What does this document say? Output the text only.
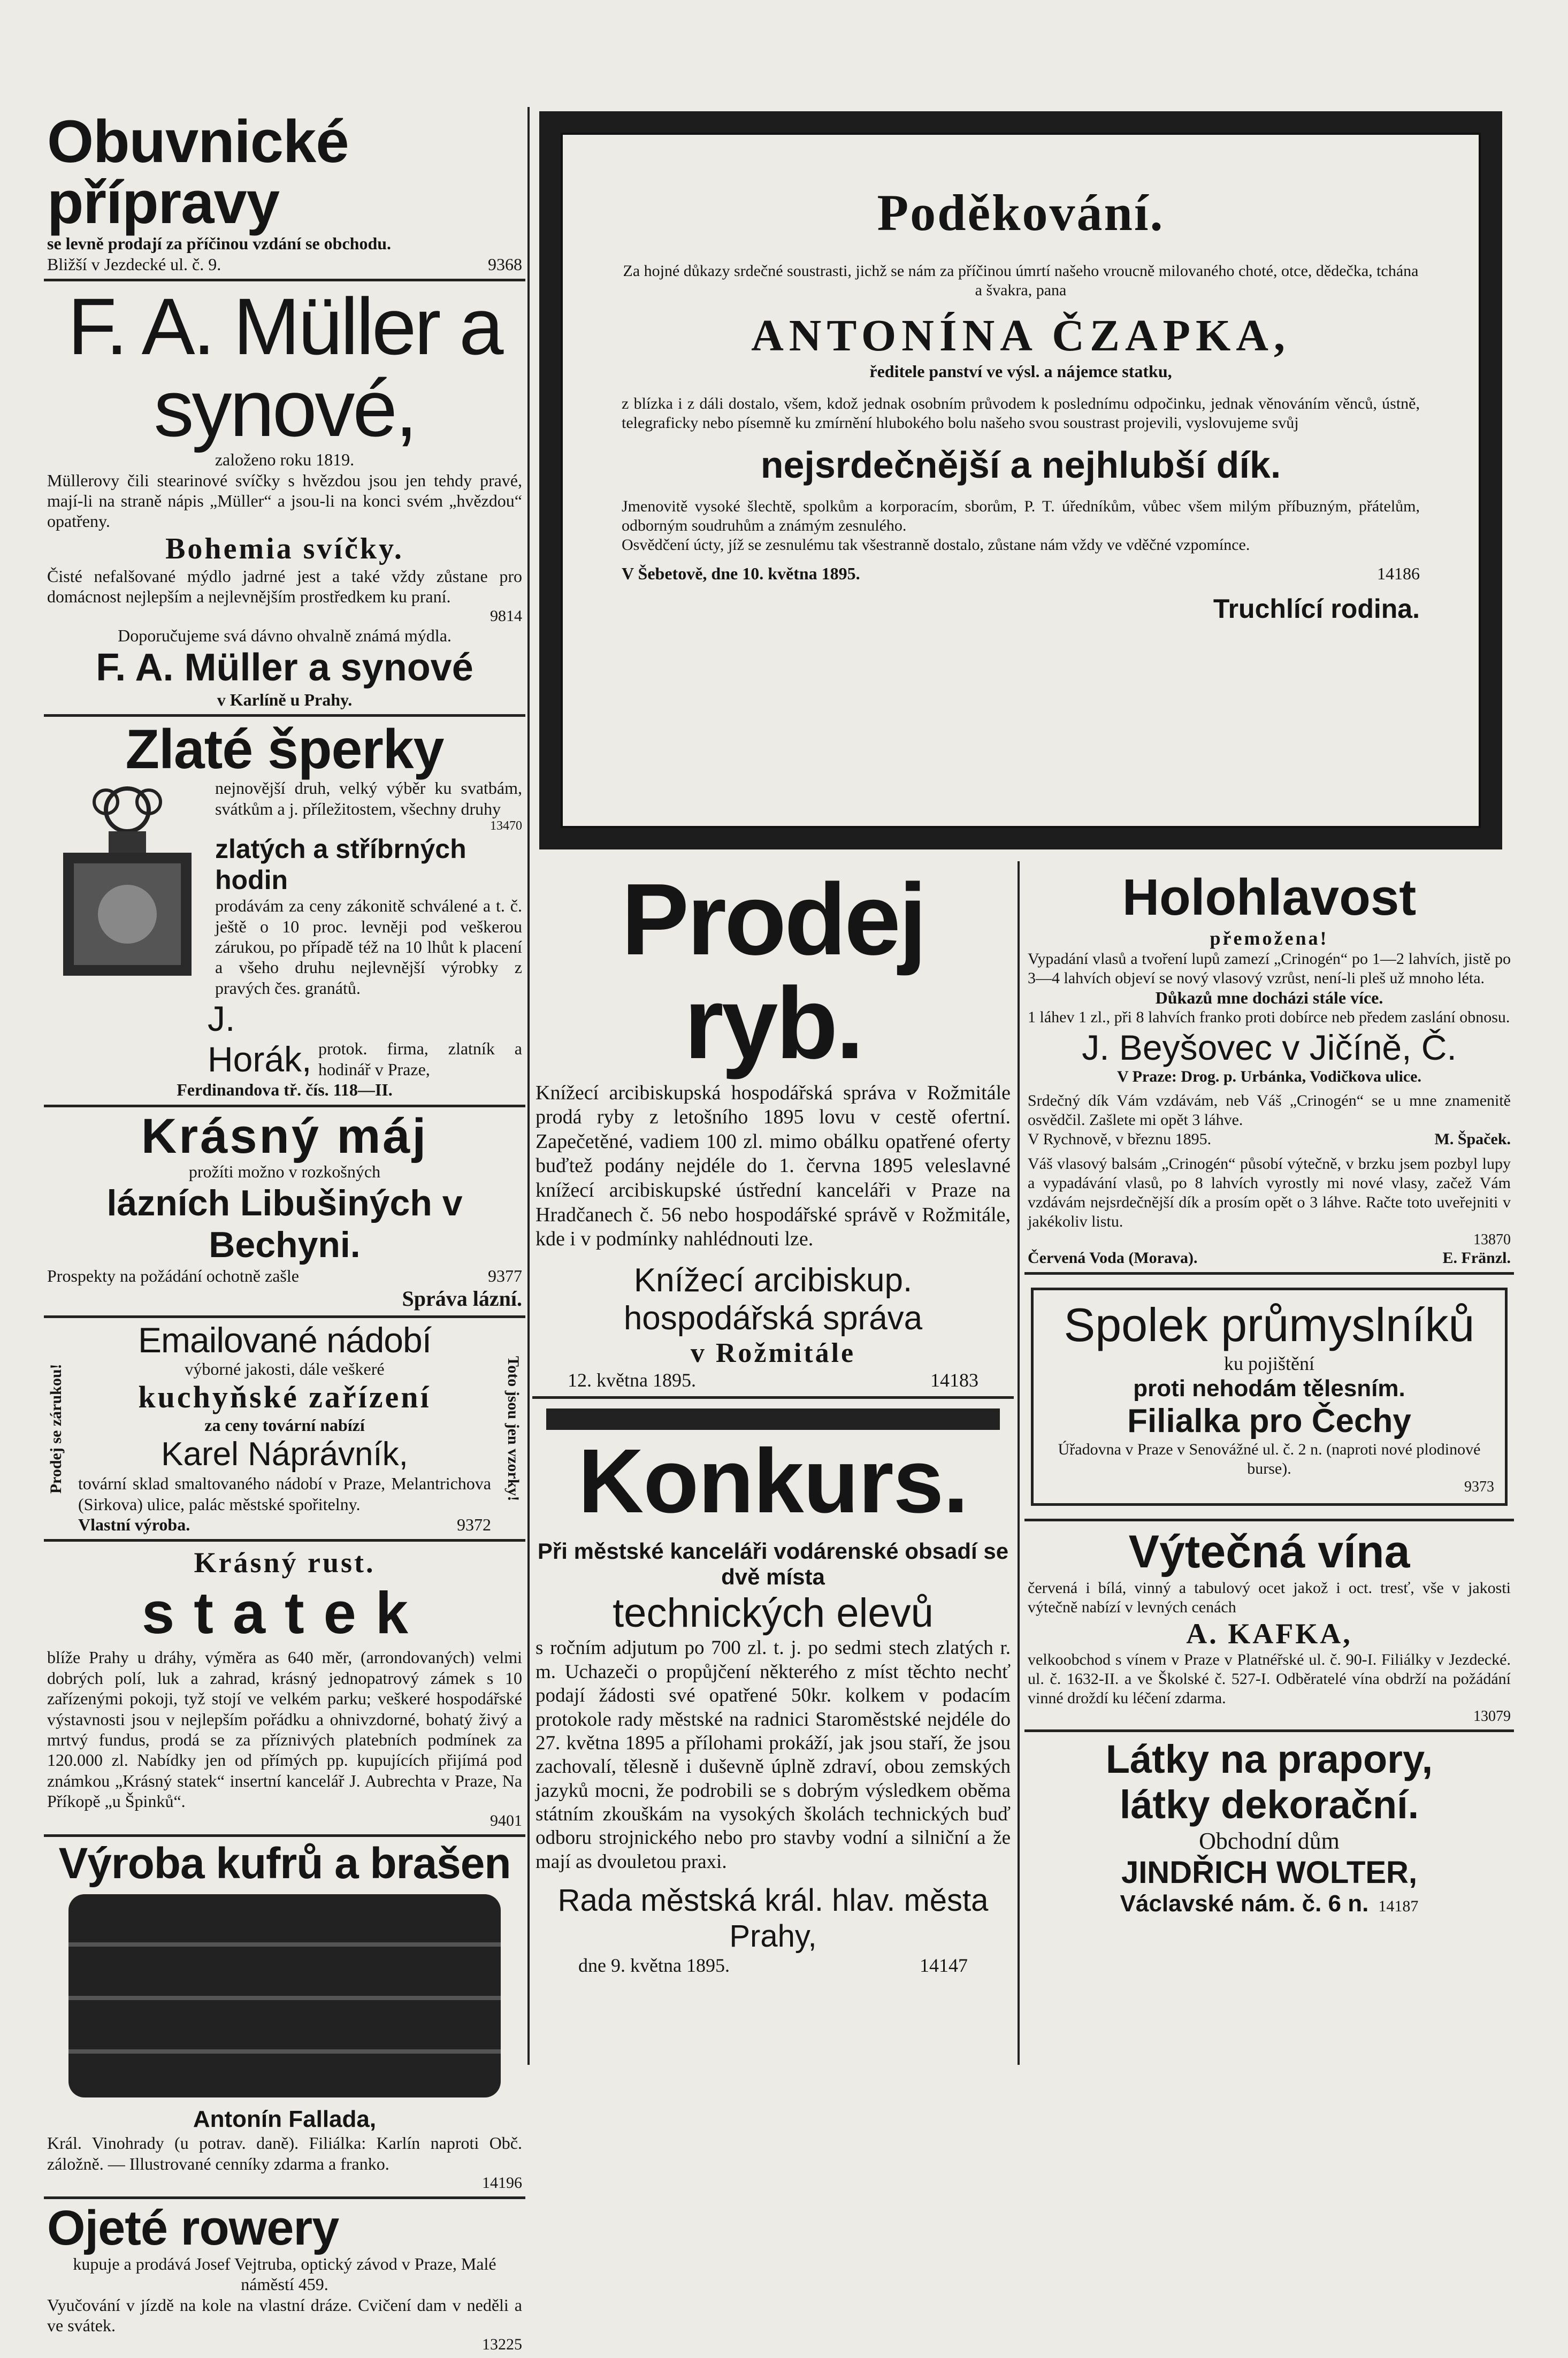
Obuvnické přípravy
se levně prodají za příčinou vzdání se obchodu.
Bližší v Jezdecké ul. č. 9.	9368
F. A. Müller a synové,
založeno roku 1819.
Müllerovy čili stearinové svíčky s hvězdou jsou jen tehdy pravé, mají-li na straně nápis „Müller“ a jsou-li na konci svém „hvězdou“ opatřeny.
Bohemia svíčky.
Čisté nefalšované mýdlo jadrné jest a také vždy zůstane pro domácnost nejlepším a nejlevnějším prostředkem ku praní.
9814
Doporučujeme svá dávno ohvalně známá mýdla.
F. A. Müller a synové
v Karlíně u Prahy.
Zlaté šperky
nejnovější druh, velký výběr ku svatbám, svátkům a j. příležitostem, všechny druhy
13470
zlatých a stříbrných hodin
prodávám za ceny zákonitě schválené a t. č. ještě o 10 proc. levněji pod veškerou zárukou, po případě též na 10 lhůt k placení a všeho druhu nejlevnější výrobky z pravých čes. granátů.
J. Horák, protok. firma, zlatník a hodinář v Praze,
Ferdinandova tř. čís. 118—II.
Krásný máj
prožíti možno v rozkošných
lázních Libušiných v Bechyni.
Prospekty na požádání ochotně zašle	9377
Správa lázní.
Prodej se zárukou!	Toto jsou jen vzorky!
Emailované nádobí
výborné jakosti, dále veškeré
kuchyňské zařízení
za ceny tovární nabízí
Karel Náprávník,
tovární sklad smaltovaného nádobí v Praze, Melantrichova (Sirkova) ulice, palác městské spořitelny.
Vlastní výroba.	9372
Krásný rust.
statek
blíže Prahy u dráhy, výměra as 640 měr, (arrondovaných) velmi dobrých polí, luk a zahrad, krásný jednopatrový zámek s 10 zařízenými pokoji, tyž stojí ve velkém parku; veškeré hospodářské výstavnosti jsou v nejlepším pořádku a ohnivzdorné, bohatý živý a mrtvý fundus, prodá se za příznivých platebních podmínek za 120.000 zl. Nabídky jen od přímých pp. kupujících přijímá pod známkou „Krásný statek“ insertní kancelář J. Aubrechta v Praze, Na Příkopě „u Špinků“.
9401
Výroba kufrů a brašen
Antonín Fallada,
Král. Vinohrady (u potrav. daně). Filiálka: Karlín naproti Obč. záložně. — Illustrované cenníky zdarma a franko.
14196
Ojeté rowery
kupuje a prodává Josef Vejtruba, optický závod v Praze, Malé náměstí 459.
Vyučování v jízdě na kole na vlastní dráze. Cvičení dam v neděli a ve svátek.
13225
Poděkování.
Za hojné důkazy srdečné soustrasti, jichž se nám za příčinou úmrtí našeho vroucně milovaného choté, otce, dědečka, tchána a švakra, pana
ANTONÍNA ČZAPKA,
ředitele panství ve výsl. a nájemce statku,
z blízka i z dáli dostalo, všem, kdož jednak osobním průvodem k poslednímu odpočinku, jednak věnováním věnců, ústně, telegraficky nebo písemně ku zmírnění hlubokého bolu našeho svou soustrast projevili, vyslovujeme svůj
nejsrdečnější a nejhlubší dík.
Jmenovitě vysoké šlechtě, spolkům a korporacím, sborům, P. T. úředníkům, vůbec všem milým příbuzným, přátelům, odborným soudruhům a známým zesnulého.
Osvědčení úcty, jíž se zesnulému tak všestranně dostalo, zůstane nám vždy ve vděčné vzpomínce.
V Šebetově, dne 10. května 1895.	14186
Truchlící rodina.
Prodej ryb.
Knížecí arcibiskupská hospodářská správa v Rožmitále prodá ryby z letošního 1895 lovu v cestě ofertní. Zapečetěné, vadiem 100 zl. mimo obálku opatřené oferty buďtež podány nejdéle do 1. června 1895 veleslavné knížecí arcibiskupské ústřední kanceláři v Praze na Hradčanech č. 56 nebo hospodářské správě v Rožmitále, kde i v podmínky nahlédnouti lze.
Knížecí arcibiskup. hospodářská správa
v Rožmitále
12. května 1895.	14183
Konkurs.
Při městské kanceláři vodárenské obsadí se dvě místa
technických elevů
s ročním adjutum po 700 zl. t. j. po sedmi stech zlatých r. m. Uchazeči o propůjčení některého z míst těchto nechť podají žádosti své opatřené 50kr. kolkem v podacím protokole rady městské na radnici Staroměstské nejdéle do 27. května 1895 a přílohami prokáží, jak jsou staří, že jsou zachovalí, tělesně i duševně úplně zdraví, obou zemských jazyků mocni, že podrobili se s dobrým výsledkem oběma státním zkouškám na vysokých školách technických buď odboru strojnického nebo pro stavby vodní a silniční a že mají as dvouletou praxi.
Rada městská král. hlav. města Prahy,
dne 9. května 1895.	14147
Holohlavost
přemožena!
Vypadání vlasů a tvoření lupů zamezí „Crinogén“ po 1—2 lahvích, jistě po 3—4 lahvích objeví se nový vlasový vzrůst, není-li pleš už mnoho léta.
Důkazů mne docházi stále více.
1 láhev 1 zl., při 8 lahvích franko proti dobírce neb předem zaslání obnosu.
J. Beyšovec v Jičíně, Č.
V Praze: Drog. p. Urbánka, Vodičkova ulice.
Srdečný dík Vám vzdávám, neb Váš „Crinogén“ se u mne znamenitě osvědčil. Zašlete mi opět 3 láhve.
V Rychnově, v březnu 1895.	M. Špaček.
Váš vlasový balsám „Crinogén“ působí výtečně, v brzku jsem pozbyl lupy a vypadávání vlasů, po 8 lahvích vyrostly mi nové vlasy, začež Vám vzdávám nejsrdečnější dík a prosím opět o 3 láhve. Račte toto uveřejniti v jakékoliv listu.
13870
Červená Voda (Morava).	E. Fränzl.
Spolek průmyslníků
ku pojištění
proti nehodám tělesním.
Filialka pro Čechy
Úřadovna v Praze v Senovážné ul. č. 2 n. (naproti nové plodinové burse).
9373
Výtečná vína
červená i bílá, vinný a tabulový ocet jakož i oct. tresť, vše v jakosti výtečně nabízí v levných cenách
A. KAFKA,
velkoobchod s vínem v Praze v Platnéřské ul. č. 90-I. Filiálky v Jezdecké. ul. č. 1632-II. a ve Školské č. 527-I. Odběratelé vína obdrží na požádání vinné droždí ku léčení zdarma.
13079
Látky na prapory,
látky dekorační.
Obchodní dům
JINDŘICH WOLTER,
Václavské nám. č. 6 n. 14187
